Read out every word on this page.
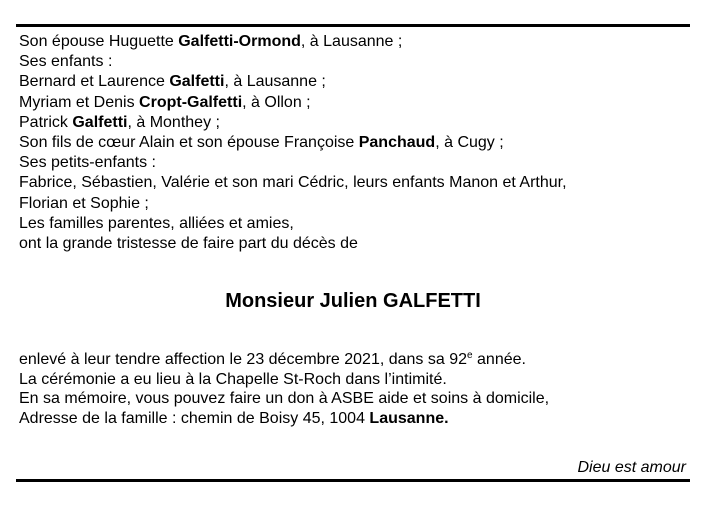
Son épouse Huguette Galfetti-Ormond, à Lausanne ;
Ses enfants :
Bernard et Laurence Galfetti, à Lausanne ;
Myriam et Denis Cropt-Galfetti, à Ollon ;
Patrick Galfetti, à Monthey ;
Son fils de cœur Alain et son épouse Françoise Panchaud, à Cugy ;
Ses petits-enfants :
Fabrice, Sébastien, Valérie et son mari Cédric, leurs enfants Manon et Arthur,
Florian et Sophie ;
Les familles parentes, alliées et amies,
ont la grande tristesse de faire part du décès de
Monsieur Julien GALFETTI
enlevé à leur tendre affection le 23 décembre 2021, dans sa 92e année.
La cérémonie a eu lieu à la Chapelle St-Roch dans l’intimité.
En sa mémoire, vous pouvez faire un don à ASBE aide et soins à domicile,
Adresse de la famille : chemin de Boisy 45, 1004 Lausanne.
Dieu est amour
